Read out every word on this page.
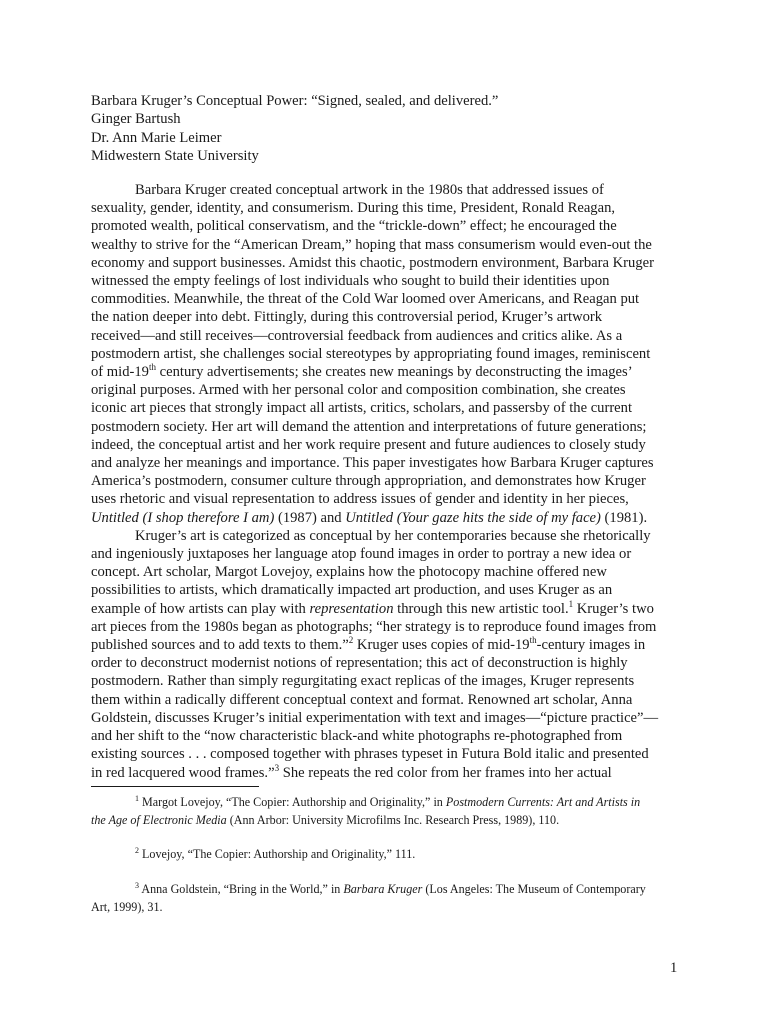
Barbara Kruger’s Conceptual Power: “Signed, sealed, and delivered.”
Ginger Bartush
Dr. Ann Marie Leimer
Midwestern State University
Barbara Kruger created conceptual artwork in the 1980s that addressed issues of
sexuality, gender, identity, and consumerism. During this time, President, Ronald Reagan,
promoted wealth, political conservatism, and the “trickle-down” effect; he encouraged the
wealthy to strive for the “American Dream,” hoping that mass consumerism would even-out the
economy and support businesses. Amidst this chaotic, postmodern environment, Barbara Kruger
witnessed the empty feelings of lost individuals who sought to build their identities upon
commodities. Meanwhile, the threat of the Cold War loomed over Americans, and Reagan put
the nation deeper into debt. Fittingly, during this controversial period, Kruger’s artwork
received—and still receives—controversial feedback from audiences and critics alike. As a
postmodern artist, she challenges social stereotypes by appropriating found images, reminiscent
of mid-19th century advertisements; she creates new meanings by deconstructing the images’
original purposes. Armed with her personal color and composition combination, she creates
iconic art pieces that strongly impact all artists, critics, scholars, and passersby of the current
postmodern society. Her art will demand the attention and interpretations of future generations;
indeed, the conceptual artist and her work require present and future audiences to closely study
and analyze her meanings and importance. This paper investigates how Barbara Kruger captures
America’s postmodern, consumer culture through appropriation, and demonstrates how Kruger
uses rhetoric and visual representation to address issues of gender and identity in her pieces,
Untitled (I shop therefore I am) (1987) and Untitled (Your gaze hits the side of my face) (1981).
Kruger’s art is categorized as conceptual by her contemporaries because she rhetorically
and ingeniously juxtaposes her language atop found images in order to portray a new idea or
concept. Art scholar, Margot Lovejoy, explains how the photocopy machine offered new
possibilities to artists, which dramatically impacted art production, and uses Kruger as an
example of how artists can play with representation through this new artistic tool.$^1$ Kruger’s two
art pieces from the 1980s began as photographs; “her strategy is to reproduce found images from
published sources and to add texts to them.”$^2$ Kruger uses copies of mid-19th-century images in
order to deconstruct modernist notions of representation; this act of deconstruction is highly
postmodern. Rather than simply regurgitating exact replicas of the images, Kruger represents
them within a radically different conceptual context and format. Renowned art scholar, Anna
Goldstein, discusses Kruger’s initial experimentation with text and images—“picture practice”—
and her shift to the “now characteristic black-and white photographs re-photographed from
existing sources . . . composed together with phrases typeset in Futura Bold italic and presented
in red lacquered wood frames.”$^3$ She repeats the red color from her frames into her actual
$^1$ Margot Lovejoy, “The Copier: Authorship and Originality,” in Postmodern Currents: Art and Artists in
the Age of Electronic Media (Ann Arbor: University Microfilms Inc. Research Press, 1989), 110.
$^2$ Lovejoy, “The Copier: Authorship and Originality,” 111.
$^3$ Anna Goldstein, “Bring in the World,” in Barbara Kruger (Los Angeles: The Museum of Contemporary
Art, 1999), 31.
1
